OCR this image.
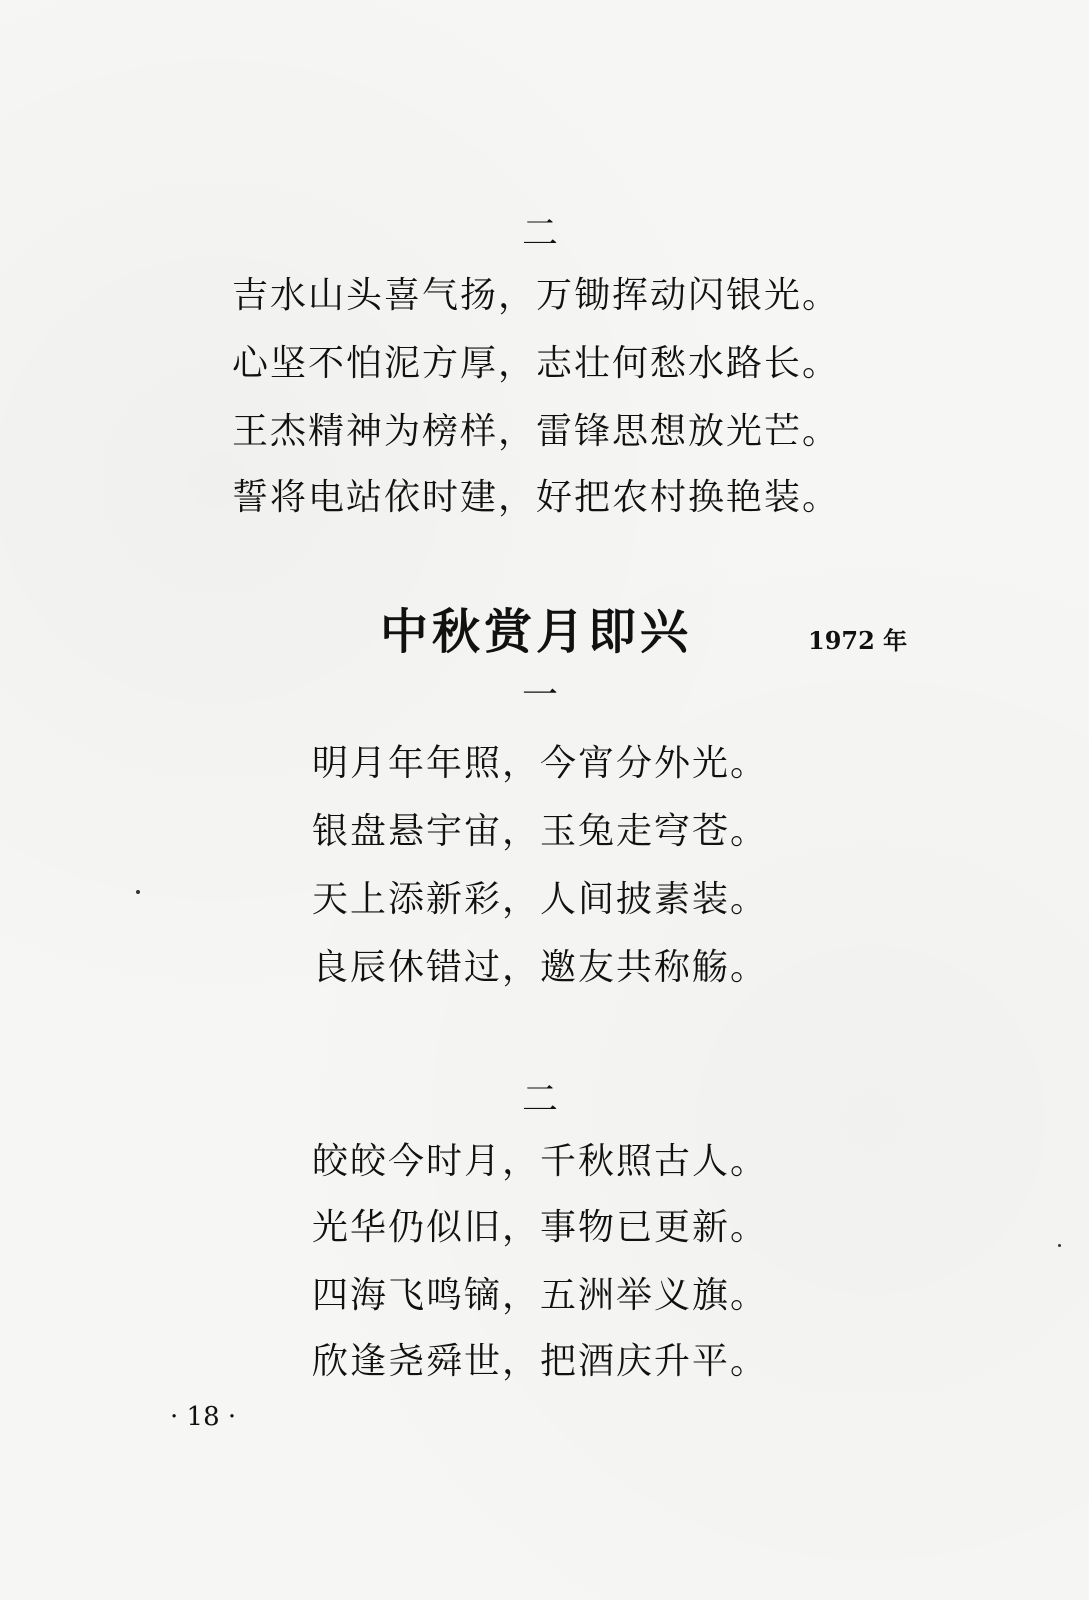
二
吉水山头喜气扬，万锄挥动闪银光。
心坚不怕泥方厚，志壮何愁水路长。
王杰精神为榜样，雷锋思想放光芒。
誓将电站依时建，好把农村换艳装。
中秋赏月即兴	1972 年
一
明月年年照，今宵分外光。
银盘悬宇宙，玉兔走穹苍。
天上添新彩，人间披素装。
良辰休错过，邀友共称觞。
二
皎皎今时月，千秋照古人。
光华仍似旧，事物已更新。
四海飞鸣镝，五洲举义旗。
欣逢尧舜世，把酒庆升平。
· 18 ·
